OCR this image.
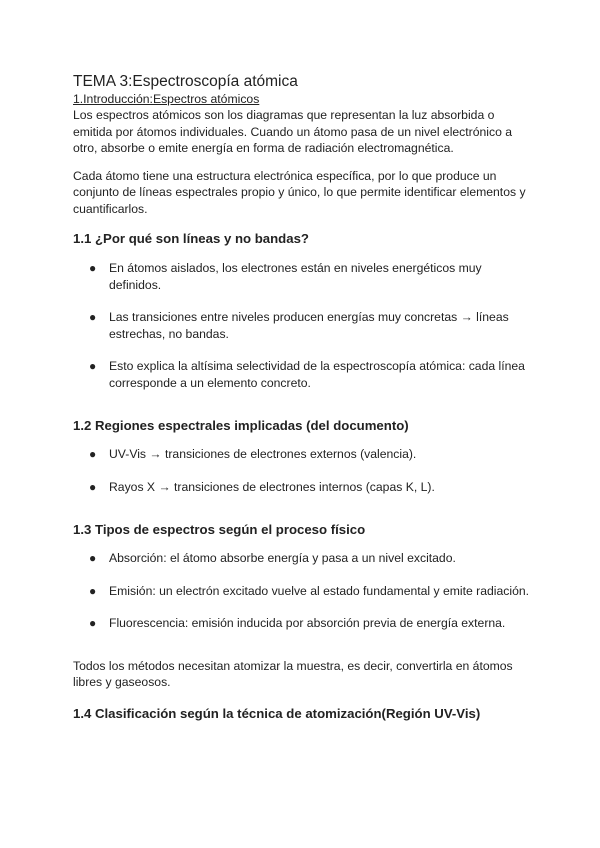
TEMA 3:Espectroscopía atómica
1.Introducción:Espectros atómicos

Los espectros atómicos son los diagramas que representan la luz absorbida o emitida por átomos individuales. Cuando un átomo pasa de un nivel electrónico a otro, absorbe o emite energía en forma de radiación electromagnética.

Cada átomo tiene una estructura electrónica específica, por lo que produce un conjunto de líneas espectrales propio y único, lo que permite identificar elementos y cuantificarlos.

1.1 ¿Por qué son líneas y no bandas?
● En átomos aislados, los electrones están en niveles energéticos muy definidos.
● Las transiciones entre niveles producen energías muy concretas → líneas estrechas, no bandas.
● Esto explica la altísima selectividad de la espectroscopía atómica: cada línea corresponde a un elemento concreto.
1.2 Regiones espectrales implicadas (del documento)
● UV-Vis → transiciones de electrones externos (valencia).
● Rayos X → transiciones de electrones internos (capas K, L).
1.3 Tipos de espectros según el proceso físico
● Absorción: el átomo absorbe energía y pasa a un nivel excitado.
● Emisión: un electrón excitado vuelve al estado fundamental y emite radiación.
● Fluorescencia: emisión inducida por absorción previa de energía externa.

Todos los métodos necesitan atomizar la muestra, es decir, convertirla en átomos libres y gaseosos.

1.4 Clasificación según la técnica de atomización(Región UV-Vis)
